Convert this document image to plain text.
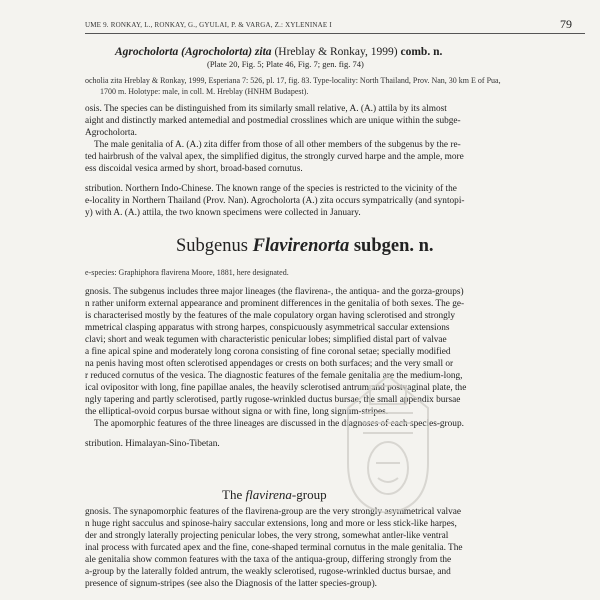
UME 9. RONKAY, L., RONKAY, G., GYULAI, P. & VARGA, Z.: XYLENINAE I	79
Agrocholorta (Agrocholorta) zita (Hreblay & Ronkay, 1999) comb. n.
(Plate 20, Fig. 5; Plate 46, Fig. 7; gen. fig. 74)
ocholia zita Hreblay & Ronkay, 1999, Esperiana 7: 526, pl. 17, fig. 83. Type-locality: North Thailand, Prov. Nan, 30 km E of Pua,
1700 m. Holotype: male, in coll. M. Hreblay (HNHM Budapest).
osis. The species can be distinguished from its similarly small relative, A. (A.) attila by its almost
aight and distinctly marked antemedial and postmedial crosslines which are unique within the subge-
Agrocholorta.
The male genitalia of A. (A.) zita differ from those of all other members of the subgenus by the re-
ted hairbrush of the valval apex, the simplified digitus, the strongly curved harpe and the ample, more
ess discoidal vesica armed by short, broad-based cornutus.
stribution. Northern Indo-Chinese. The known range of the species is restricted to the vicinity of the
e-locality in Northern Thailand (Prov. Nan). Agrocholorta (A.) zita occurs sympatrically (and syntopi-
y) with A. (A.) attila, the two known specimens were collected in January.
Subgenus Flavirenorta subgen. n.
e-species: Graphiphora flavirena Moore, 1881, here designated.
gnosis. The subgenus includes three major lineages (the flavirena-, the antiqua- and the gorza-groups)
n rather uniform external appearance and prominent differences in the genitalia of both sexes. The ge-
is characterised mostly by the features of the male copulatory organ having sclerotised and strongly
mmetrical clasping apparatus with strong harpes, conspicuously asymmetrical saccular extensions
clavi; short and weak tegumen with characteristic penicular lobes; simplified distal part of valvae
a fine apical spine and moderately long corona consisting of fine coronal setae; specially modified
na penis having most often sclerotised appendages or crests on both surfaces; and the very small or
r reduced cornutus of the vesica. The diagnostic features of the female genitalia are the medium-long,
ical ovipositor with long, fine papillae anales, the heavily sclerotised antrum and postvaginal plate, the
ngly tapering and partly sclerotised, partly rugose-wrinkled ductus bursae, the small appendix bursae
the elliptical-ovoid corpus bursae without signa or with fine, long signum-stripes.
The apomorphic features of the three lineages are discussed in the diagnoses of each species-group.
stribution. Himalayan-Sino-Tibetan.
The flavirena-group
gnosis. The synapomorphic features of the flavirena-group are the very strongly asymmetrical valvae
n huge right sacculus and spinose-hairy saccular extensions, long and more or less stick-like harpes,
der and strongly laterally projecting penicular lobes, the very strong, somewhat antler-like ventral
inal process with furcated apex and the fine, cone-shaped terminal cornutus in the male genitalia. The
ale genitalia show common features with the taxa of the antiqua-group, differing strongly from the
a-group by the laterally folded antrum, the weakly sclerotised, rugose-wrinkled ductus bursae, and
presence of signum-stripes (see also the Diagnosis of the latter species-group).
